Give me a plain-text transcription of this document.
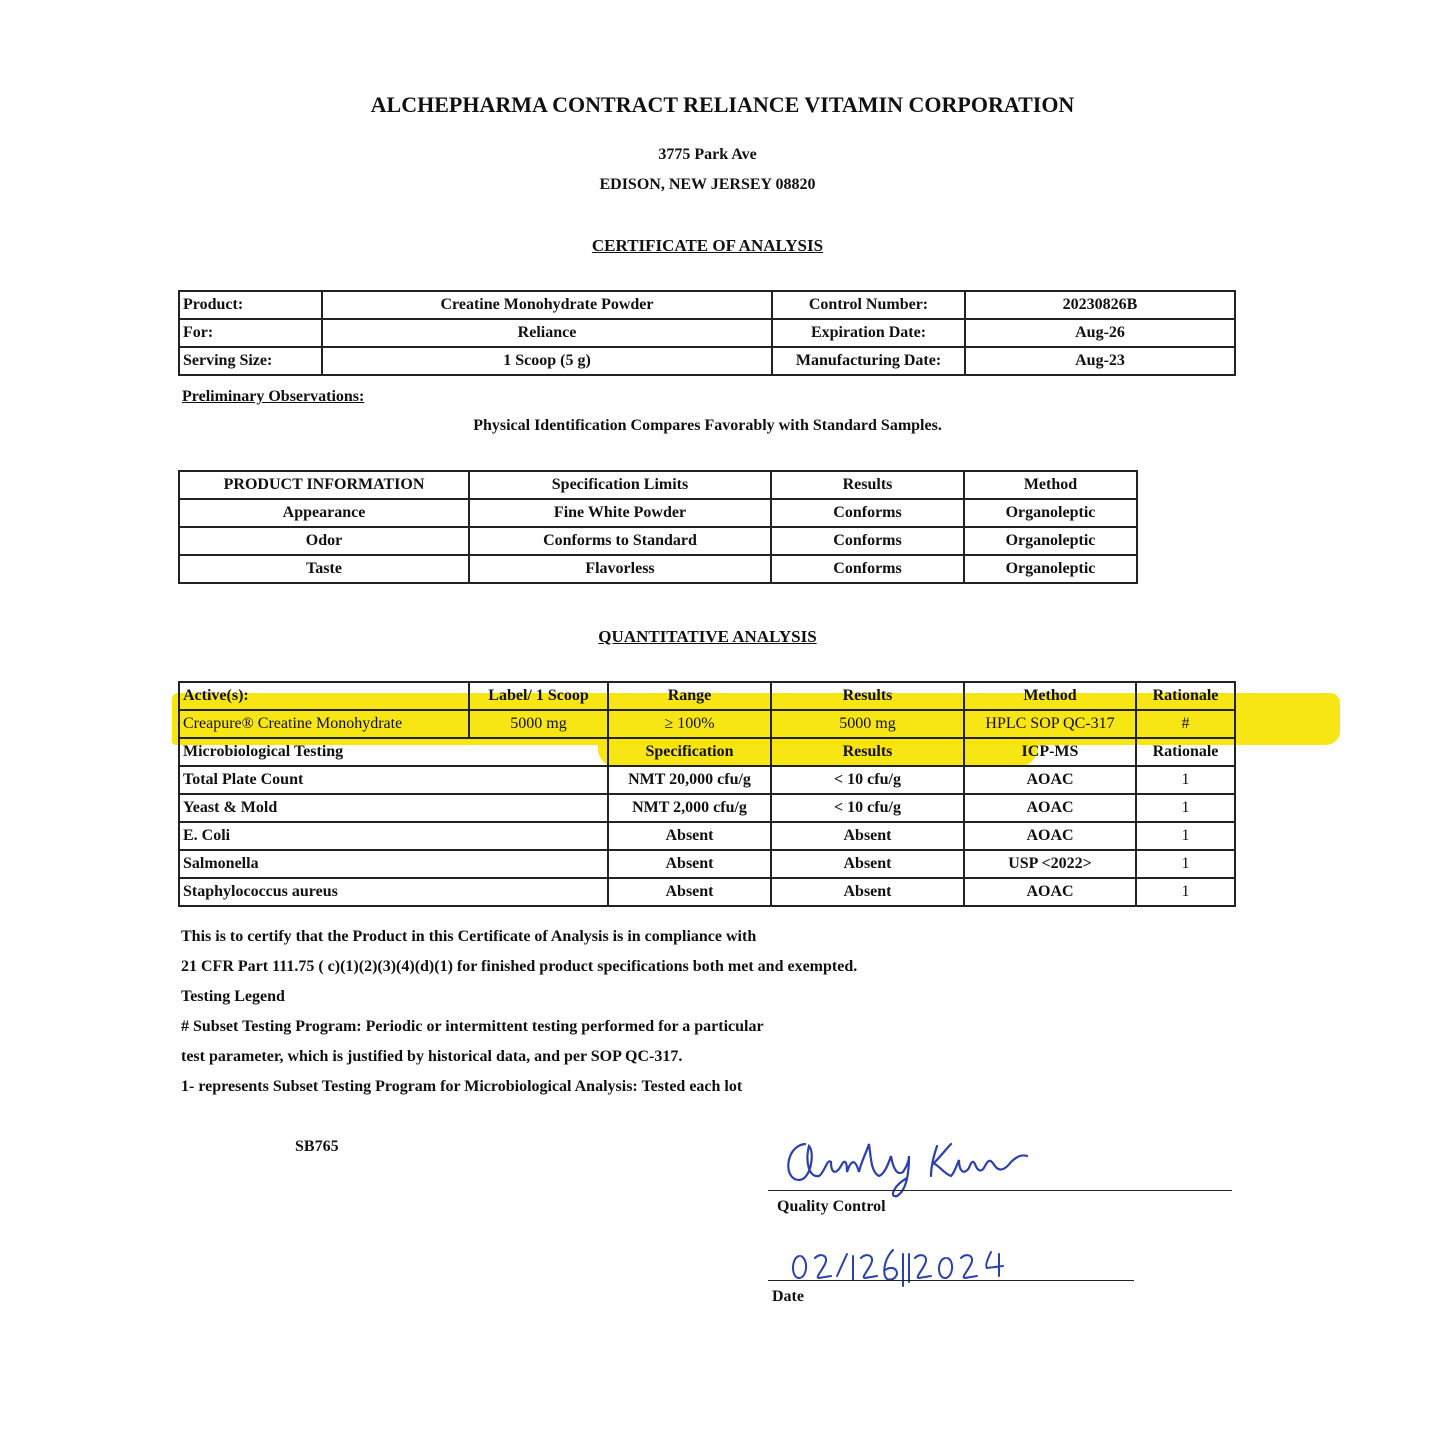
ALCHEPHARMA CONTRACT RELIANCE VITAMIN CORPORATION
3775 Park Ave
EDISON, NEW JERSEY 08820
CERTIFICATE OF ANALYSIS
Product:	Creatine Monohydrate Powder	Control Number:	20230826B
For:	Reliance	Expiration Date:	Aug-26
Serving Size:	1 Scoop (5 g)	Manufacturing Date:	Aug-23
Preliminary Observations:
Physical Identification Compares Favorably with Standard Samples.
PRODUCT INFORMATION	Specification Limits	Results	Method
Appearance	Fine White Powder	Conforms	Organoleptic
Odor	Conforms to Standard	Conforms	Organoleptic
Taste	Flavorless	Conforms	Organoleptic
QUANTITATIVE ANALYSIS
Active(s):	Label/ 1 Scoop	Range	Results	Method	Rationale
Creapure® Creatine Monohydrate	5000 mg	≥ 100%	5000 mg	HPLC SOP QC-317	#
Microbiological Testing		Specification	Results	ICP-MS	Rationale
Total Plate Count		NMT 20,000 cfu/g	< 10 cfu/g	AOAC	1
Yeast & Mold		NMT 2,000 cfu/g	< 10 cfu/g	AOAC	1
E. Coli		Absent	Absent	AOAC	1
Salmonella		Absent	Absent	USP <2022>	1
Staphylococcus aureus		Absent	Absent	AOAC	1
This is to certify that the Product in this Certificate of Analysis is in compliance with
21 CFR Part 111.75 ( c)(1)(2)(3)(4)(d)(1) for finished product specifications both met and exempted.
Testing Legend
# Subset Testing Program: Periodic or intermittent testing performed for a particular
test parameter, which is justified by historical data, and per SOP QC-317.
1- represents Subset Testing Program for Microbiological Analysis: Tested each lot
SB765
Quality Control
Date
